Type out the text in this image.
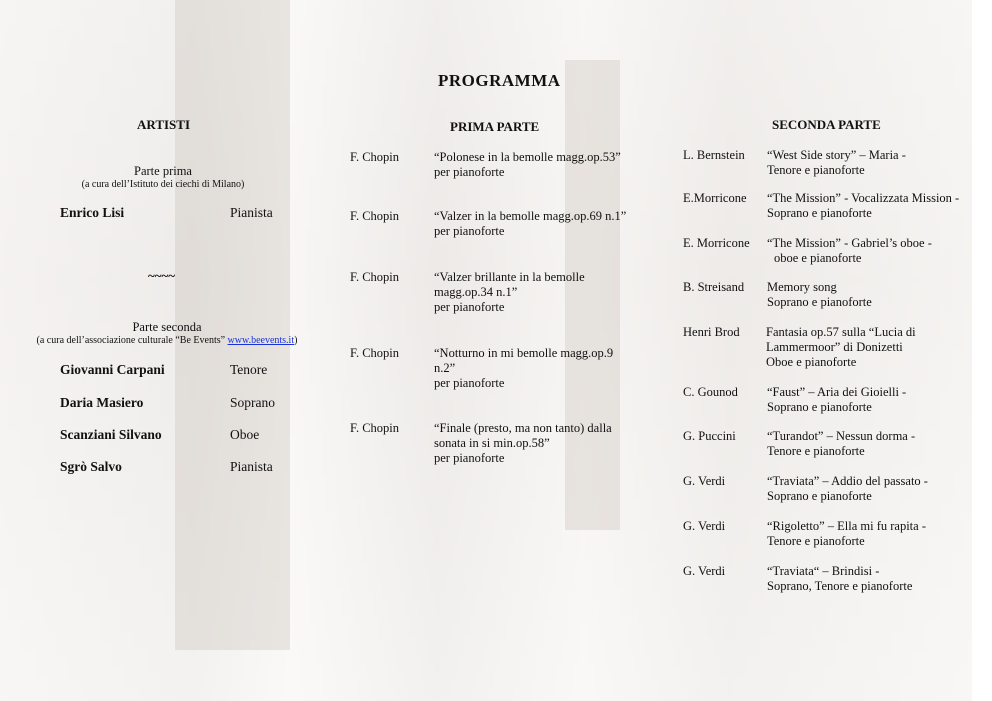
PROGRAMMA
ARTISTI
Parte prima
(a cura dell’Istituto dei ciechi di Milano)
Enrico Lisi	Pianista
~~~~
Parte seconda
(a cura dell’associazione culturale “Be Events” www.beevents.it)
Giovanni Carpani	Tenore
Daria Masiero	Soprano
Scanziani Silvano	Oboe
Sgrò Salvo	Pianista
PRIMA PARTE
F. Chopin	“Polonese in la bemolle magg.op.53”
per pianoforte
F. Chopin	“Valzer in la bemolle magg.op.69 n.1”
per pianoforte
F. Chopin	“Valzer brillante in la bemolle
magg.op.34 n.1”
per pianoforte
F. Chopin	“Notturno in mi bemolle magg.op.9
n.2”
per pianoforte
F. Chopin	“Finale (presto, ma non tanto) dalla
sonata in si min.op.58”
per pianoforte
SECONDA PARTE
L. Bernstein “West Side story” – Maria -
Tenore e pianoforte
E.Morricone “The Mission” - Vocalizzata Mission -
Soprano e pianoforte
E. Morricone “The Mission” - Gabriel’s oboe -
oboe e pianoforte
B. Streisand Memory song
Soprano e pianoforte
Henri Brod Fantasia op.57 sulla “Lucia di
Lammermoor” di Donizetti
Oboe e pianoforte
C. Gounod “Faust” – Aria dei Gioielli -
Soprano e pianoforte
G. Puccini “Turandot” – Nessun dorma -
Tenore e pianoforte
G. Verdi	“Traviata” – Addio del passato -
Soprano e pianoforte
G. Verdi	“Rigoletto” – Ella mi fu rapita -
Tenore e pianoforte
G. Verdi	“Traviata“ – Brindisi -
Soprano, Tenore e pianoforte
